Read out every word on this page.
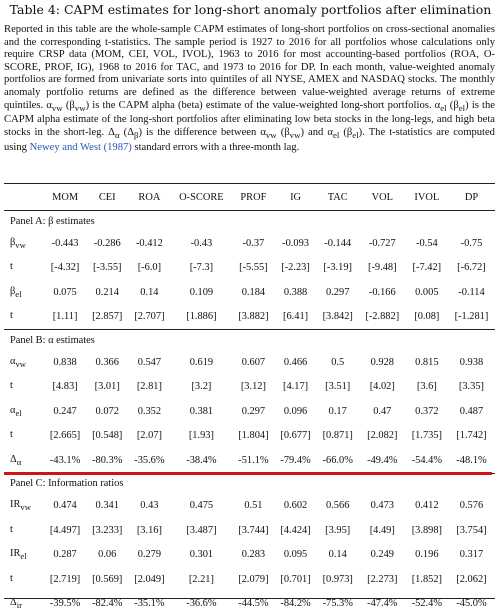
Table 4: CAPM estimates for long-short anomaly portfolios after elimination
Reported in this table are the whole-sample CAPM estimates of long-short portfolios on cross-sectional anomalies and the corresponding t-statistics. The sample period is 1927 to 2016 for all portfolios whose calculations only require CRSP data (MOM, CEI, VOL, IVOL), 1963 to 2016 for most accounting-based portfolios (ROA, O-SCORE, PROF, IG), 1968 to 2016 for TAC, and 1973 to 2016 for DP. In each month, value-weighted anomaly portfolios are formed from univariate sorts into quintiles of all NYSE, AMEX and NASDAQ stocks. The monthly anomaly portfolio returns are defined as the difference between value-weighted average returns of extreme quintiles. $\alpha_{vw}$ $(\beta_{vw})$ is the CAPM alpha (beta) estimate of the value-weighted long-short portfolios. $\alpha_{el}$ $(\beta_{el})$ is the CAPM alpha estimate of the long-short portfolios after eliminating low beta stocks in the long-legs, and high beta stocks in the short-leg. $\Delta_\alpha$ $(\Delta_\beta)$ is the difference between $\alpha_{vw}$ $(\beta_{vw})$ and $\alpha_{el}$ $(\beta_{el})$. The t-statistics are computed using Newey and West (1987) standard errors with a three-month lag.
	MOM	CEI	ROA	O-SCORE	PROF	IG	TAC	VOL	IVOL	DP

Panel A: β estimates										
$\beta_{vw}$	-0.443	-0.286	-0.412	-0.43	-0.37	-0.093	-0.144	-0.727	-0.54	-0.75
t	[-4.32]	[-3.55]	[-6.0]	[-7.3]	[-5.55]	[-2.23]	[-3.19]	[-9.48]	[-7.42]	[-6.72]
$\beta_{el}$	0.075	0.214	0.14	0.109	0.184	0.388	0.297	-0.166	0.005	-0.114
t	[1.11]	[2.857]	[2.707]	[1.886]	[3.882]	[6.41]	[3.842]	[-2.882]	[0.08]	[-1.281]

Panel B: α estimates										
$\alpha_{vw}$	0.838	0.366	0.547	0.619	0.607	0.466	0.5	0.928	0.815	0.938
t	[4.83]	[3.01]	[2.81]	[3.2]	[3.12]	[4.17]	[3.51]	[4.02]	[3.6]	[3.35]
$\alpha_{el}$	0.247	0.072	0.352	0.381	0.297	0.096	0.17	0.47	0.372	0.487
t	[2.665]	[0.548]	[2.07]	[1.93]	[1.804]	[0.677]	[0.871]	[2.082]	[1.735]	[1.742]
$\Delta_\alpha$	-43.1%	-80.3%	-35.6%	-38.4%	-51.1%	-79.4%	-66.0%	-49.4%	-54.4%	-48.1%

Panel C: Information ratios										
$IR_{vw}$	0.474	0.341	0.43	0.475	0.51	0.602	0.566	0.473	0.412	0.576
t	[4.497]	[3.233]	[3.16]	[3.487]	[3.744]	[4.424]	[3.95]	[4.49]	[3.898]	[3.754]
$IR_{el}$	0.287	0.06	0.279	0.301	0.283	0.095	0.14	0.249	0.196	0.317
t	[2.719]	[0.569]	[2.049]	[2.21]	[2.079]	[0.701]	[0.973]	[2.273]	[1.852]	[2.062]
$\Delta_{ir}$	-39.5%	-82.4%	-35.1%	-36.6%	-44.5%	-84.2%	-75.3%	-47.4%	-52.4%	-45.0%
